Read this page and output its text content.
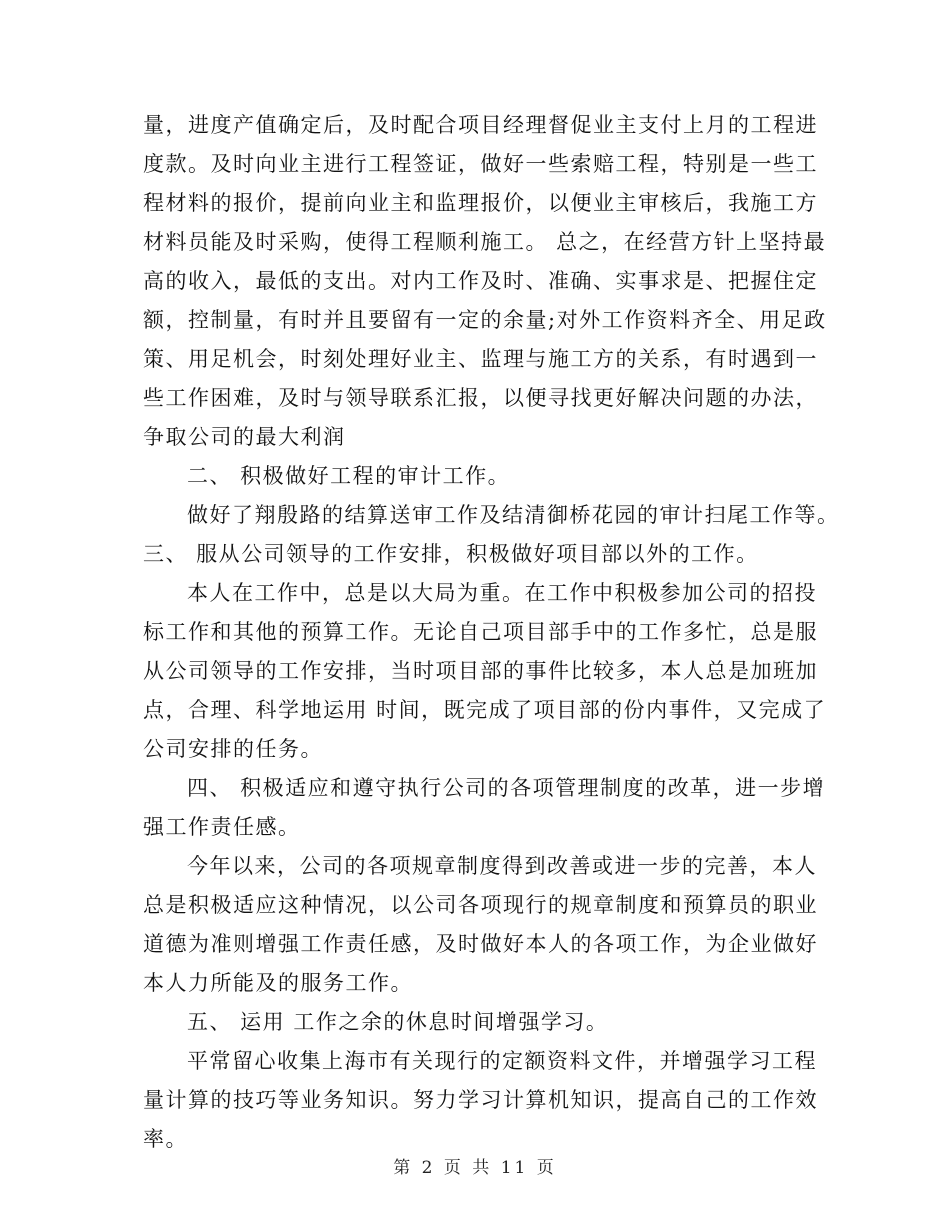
量，进度产值确定后，及时配合项目经理督促业主支付上月的工程进
度款。及时向业主进行工程签证，做好一些索赔工程，特别是一些工
程材料的报价，提前向业主和监理报价，以便业主审核后，我施工方
材料员能及时采购，使得工程顺利施工。 总之，在经营方针上坚持最
高的收入，最低的支出。对内工作及时、准确、实事求是、把握住定
额，控制量，有时并且要留有一定的余量;对外工作资料齐全、用足政
策、用足机会，时刻处理好业主、监理与施工方的关系，有时遇到一
些工作困难，及时与领导联系汇报，以便寻找更好解决问题的办法，
争取公司的最大利润
二、 积极做好工程的审计工作。
做好了翔殷路的结算送审工作及结清御桥花园的审计扫尾工作等。
三、 服从公司领导的工作安排，积极做好项目部以外的工作。
本人在工作中，总是以大局为重。在工作中积极参加公司的招投
标工作和其他的预算工作。无论自己项目部手中的工作多忙，总是服
从公司领导的工作安排，当时项目部的事件比较多，本人总是加班加
点，合理、科学地运用 时间，既完成了项目部的份内事件，又完成了
公司安排的任务。
四、 积极适应和遵守执行公司的各项管理制度的改革，进一步增
强工作责任感。
今年以来，公司的各项规章制度得到改善或进一步的完善，本人
总是积极适应这种情况，以公司各项现行的规章制度和预算员的职业
道德为准则增强工作责任感，及时做好本人的各项工作，为企业做好
本人力所能及的服务工作。
五、 运用 工作之余的休息时间增强学习。
平常留心收集上海市有关现行的定额资料文件，并增强学习工程
量计算的技巧等业务知识。努力学习计算机知识，提高自己的工作效
率。
第 2 页 共 11 页
